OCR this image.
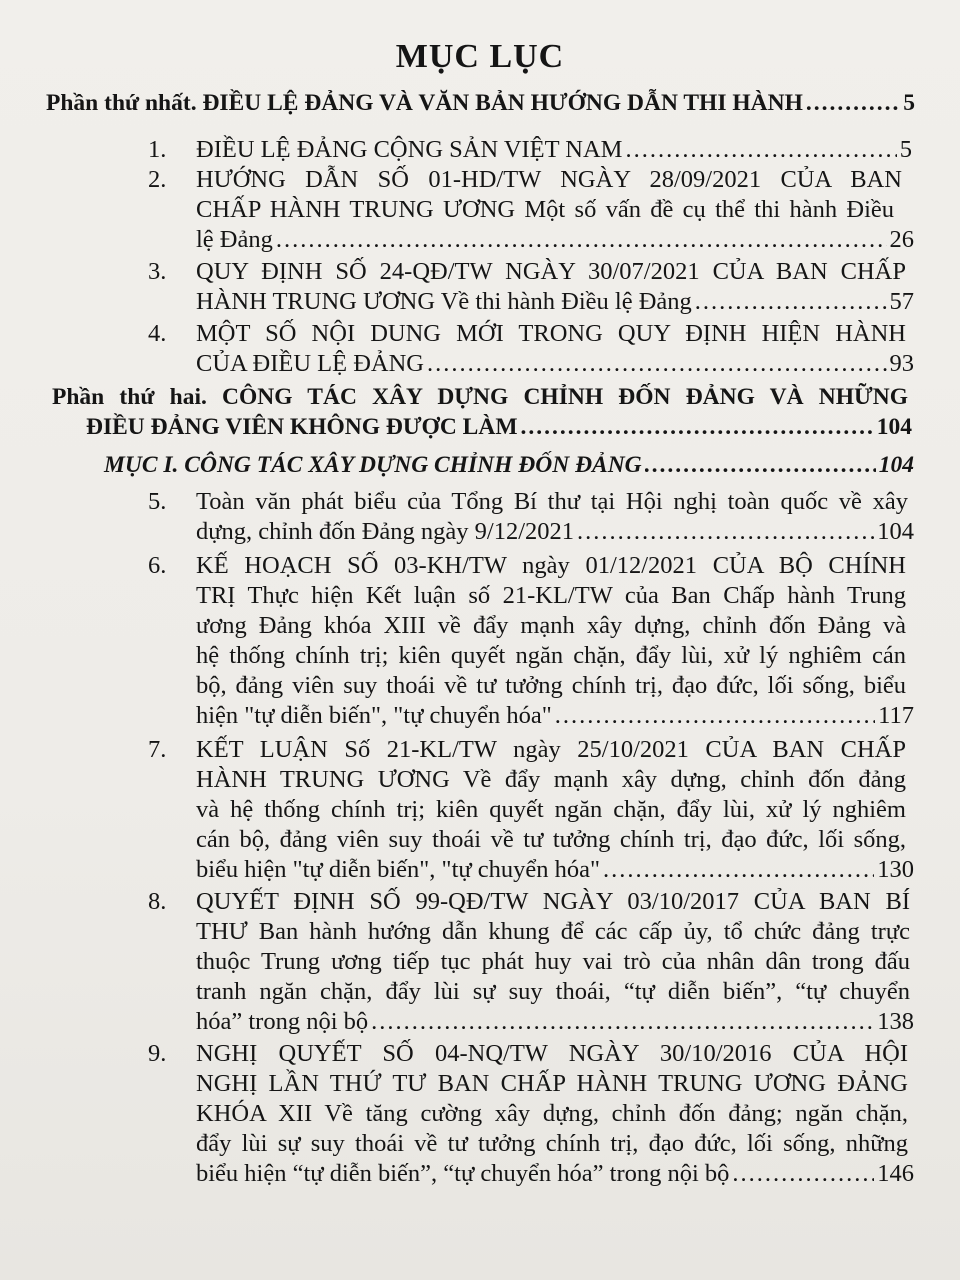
MỤC LỤC
Phần thứ nhất. ĐIỀU LỆ ĐẢNG VÀ VĂN BẢN HƯỚNG DẪN THI HÀNH .....	5
1. ĐIỀU LỆ ĐẢNG CỘNG SẢN VIỆT NAM .....	5
2. HƯỚNG DẪN SỐ 01-HD/TW NGÀY 28/09/2021 CỦA BAN
CHẤP HÀNH TRUNG ƯƠNG Một số vấn đề cụ thể thi hành Điều
lệ Đảng .....	26
3. QUY ĐỊNH SỐ 24-QĐ/TW NGÀY 30/07/2021 CỦA BAN CHẤP
HÀNH TRUNG ƯƠNG Về thi hành Điều lệ Đảng .....	57
4. MỘT SỐ NỘI DUNG MỚI TRONG QUY ĐỊNH HIỆN HÀNH
CỦA ĐIỀU LỆ ĐẢNG .....	93
Phần thứ hai. CÔNG TÁC XÂY DỰNG CHỈNH ĐỐN ĐẢNG VÀ NHỮNG
ĐIỀU ĐẢNG VIÊN KHÔNG ĐƯỢC LÀM .....	104
MỤC I. CÔNG TÁC XÂY DỰNG CHỈNH ĐỐN ĐẢNG .....	104
5. Toàn văn phát biểu của Tổng Bí thư tại Hội nghị toàn quốc về xây
dựng, chỉnh đốn Đảng ngày 9/12/2021 .....	104
6. KẾ HOẠCH SỐ 03-KH/TW ngày 01/12/2021 CỦA BỘ CHÍNH
TRỊ Thực hiện Kết luận số 21-KL/TW của Ban Chấp hành Trung
ương Đảng khóa XIII về đẩy mạnh xây dựng, chỉnh đốn Đảng và
hệ thống chính trị; kiên quyết ngăn chặn, đẩy lùi, xử lý nghiêm cán
bộ, đảng viên suy thoái về tư tưởng chính trị, đạo đức, lối sống, biểu
hiện "tự diễn biến", "tự chuyển hóa" .....	117
7. KẾT LUẬN Số 21-KL/TW ngày 25/10/2021 CỦA BAN CHẤP
HÀNH TRUNG ƯƠNG Về đẩy mạnh xây dựng, chỉnh đốn đảng
và hệ thống chính trị; kiên quyết ngăn chặn, đẩy lùi, xử lý nghiêm
cán bộ, đảng viên suy thoái về tư tưởng chính trị, đạo đức, lối sống,
biểu hiện "tự diễn biến", "tự chuyển hóa" .....	130
8. QUYẾT ĐỊNH SỐ 99-QĐ/TW NGÀY 03/10/2017 CỦA BAN BÍ
THƯ Ban hành hướng dẫn khung để các cấp ủy, tổ chức đảng trực
thuộc Trung ương tiếp tục phát huy vai trò của nhân dân trong đấu
tranh ngăn chặn, đẩy lùi sự suy thoái, “tự diễn biến”, “tự chuyển
hóa” trong nội bộ .....	138
9. NGHỊ QUYẾT SỐ 04-NQ/TW NGÀY 30/10/2016 CỦA HỘI
NGHỊ LẦN THỨ TƯ BAN CHẤP HÀNH TRUNG ƯƠNG ĐẢNG
KHÓA XII Về tăng cường xây dựng, chỉnh đốn đảng; ngăn chặn,
đẩy lùi sự suy thoái về tư tưởng chính trị, đạo đức, lối sống, những
biểu hiện “tự diễn biến”, “tự chuyển hóa” trong nội bộ .....	146
